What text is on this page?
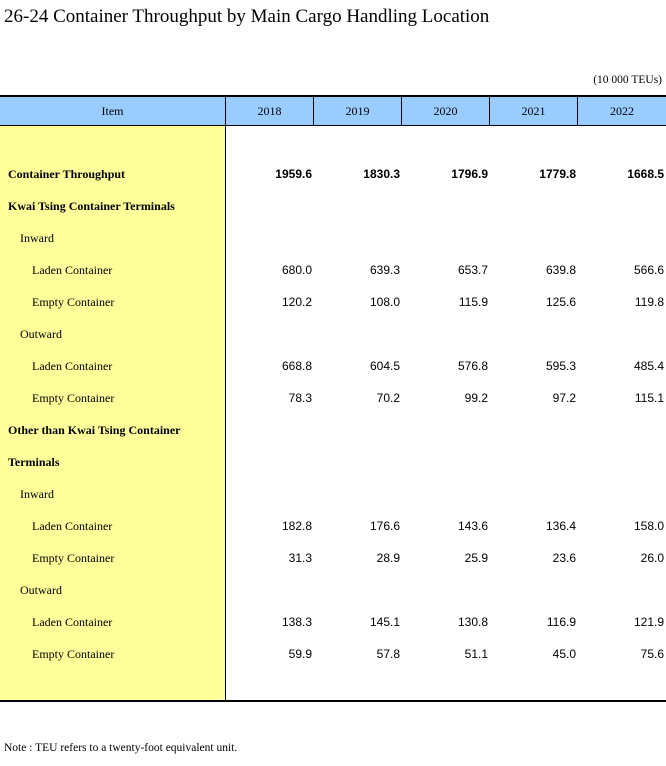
26-24 Container Throughput by Main Cargo Handling Location
(10 000 TEUs)
Item	2018	2019	2020	2021	2022
Container Throughput	1959.6	1830.3	1796.9	1779.8	1668.5
Kwai Tsing Container Terminals
Inward
Laden Container	680.0	639.3	653.7	639.8	566.6
Empty Container	120.2	108.0	115.9	125.6	119.8
Outward
Laden Container	668.8	604.5	576.8	595.3	485.4
Empty Container	78.3	70.2	99.2	97.2	115.1
Other than Kwai Tsing Container
Terminals
Inward
Laden Container	182.8	176.6	143.6	136.4	158.0
Empty Container	31.3	28.9	25.9	23.6	26.0
Outward
Laden Container	138.3	145.1	130.8	116.9	121.9
Empty Container	59.9	57.8	51.1	45.0	75.6
Note : TEU refers to a twenty-foot equivalent unit.
